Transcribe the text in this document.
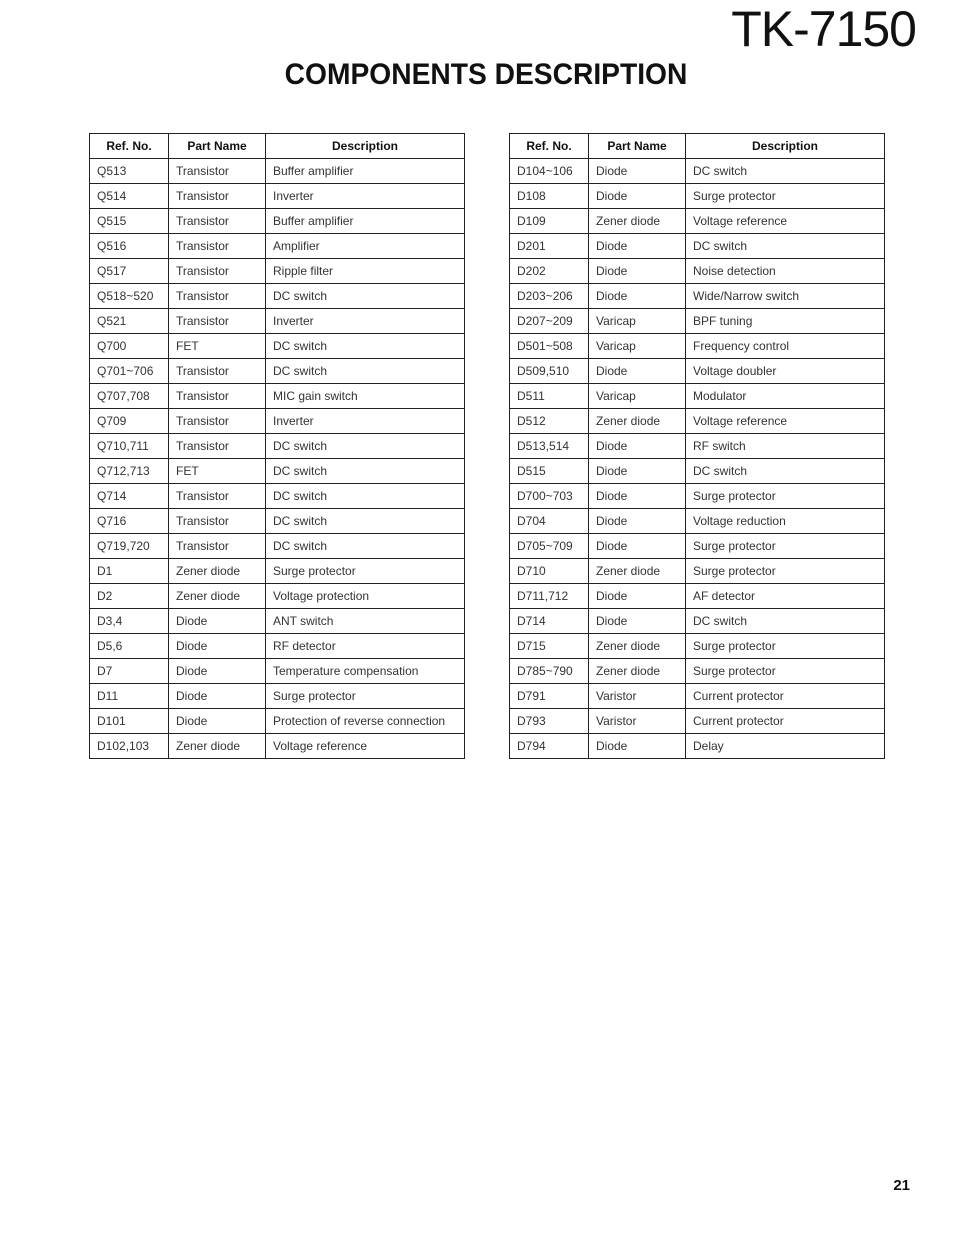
TK-7150
COMPONENTS DESCRIPTION
Ref. No.	Part Name	Description
Q513	Transistor	Buffer amplifier
Q514	Transistor	Inverter
Q515	Transistor	Buffer amplifier
Q516	Transistor	Amplifier
Q517	Transistor	Ripple filter
Q518~520	Transistor	DC switch
Q521	Transistor	Inverter
Q700	FET	DC switch
Q701~706	Transistor	DC switch
Q707,708	Transistor	MIC gain switch
Q709	Transistor	Inverter
Q710,711	Transistor	DC switch
Q712,713	FET	DC switch
Q714	Transistor	DC switch
Q716	Transistor	DC switch
Q719,720	Transistor	DC switch
D1	Zener diode	Surge protector
D2	Zener diode	Voltage protection
D3,4	Diode	ANT switch
D5,6	Diode	RF detector
D7	Diode	Temperature compensation
D11	Diode	Surge protector
D101	Diode	Protection of reverse connection
D102,103	Zener diode	Voltage reference
Ref. No.	Part Name	Description
D104~106	Diode	DC switch
D108	Diode	Surge protector
D109	Zener diode	Voltage reference
D201	Diode	DC switch
D202	Diode	Noise detection
D203~206	Diode	Wide/Narrow switch
D207~209	Varicap	BPF tuning
D501~508	Varicap	Frequency control
D509,510	Diode	Voltage doubler
D511	Varicap	Modulator
D512	Zener diode	Voltage reference
D513,514	Diode	RF switch
D515	Diode	DC switch
D700~703	Diode	Surge protector
D704	Diode	Voltage reduction
D705~709	Diode	Surge protector
D710	Zener diode	Surge protector
D711,712	Diode	AF detector
D714	Diode	DC switch
D715	Zener diode	Surge protector
D785~790	Zener diode	Surge protector
D791	Varistor	Current protector
D793	Varistor	Current protector
D794	Diode	Delay

21
